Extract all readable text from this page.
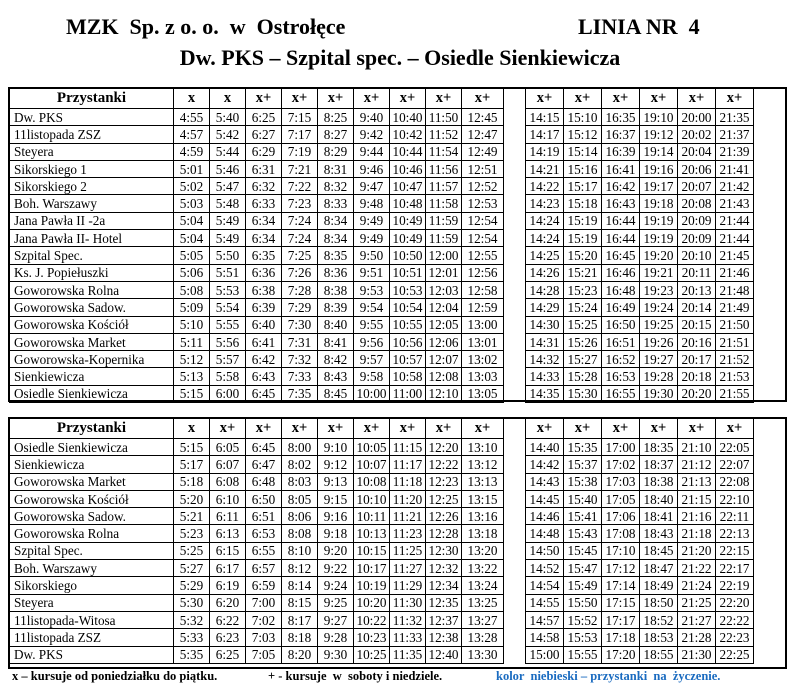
MZK  Sp. z o. o.  w  Ostrołęce	LINIA NR  4
Dw. PKS – Szpital spec. – Osiedle Sienkiewicza
Przystanki	x	x	x+	x+	x+	x+	x+	x+	x+		x+	x+	x+	x+	x+	x+
Dw. PKS	4:55	5:40	6:25	7:15	8:25	9:40	10:40	11:50	12:45		14:15	15:10	16:35	19:10	20:00	21:35
11listopada ZSZ	4:57	5:42	6:27	7:17	8:27	9:42	10:42	11:52	12:47		14:17	15:12	16:37	19:12	20:02	21:37
Steyera	4:59	5:44	6:29	7:19	8:29	9:44	10:44	11:54	12:49		14:19	15:14	16:39	19:14	20:04	21:39
Sikorskiego 1	5:01	5:46	6:31	7:21	8:31	9:46	10:46	11:56	12:51		14:21	15:16	16:41	19:16	20:06	21:41
Sikorskiego 2	5:02	5:47	6:32	7:22	8:32	9:47	10:47	11:57	12:52		14:22	15:17	16:42	19:17	20:07	21:42
Boh. Warszawy	5:03	5:48	6:33	7:23	8:33	9:48	10:48	11:58	12:53		14:23	15:18	16:43	19:18	20:08	21:43
Jana Pawła II -2a	5:04	5:49	6:34	7:24	8:34	9:49	10:49	11:59	12:54		14:24	15:19	16:44	19:19	20:09	21:44
Jana Pawła II- Hotel	5:04	5:49	6:34	7:24	8:34	9:49	10:49	11:59	12:54		14:24	15:19	16:44	19:19	20:09	21:44
Szpital Spec.	5:05	5:50	6:35	7:25	8:35	9:50	10:50	12:00	12:55		14:25	15:20	16:45	19:20	20:10	21:45
Ks. J. Popiełuszki	5:06	5:51	6:36	7:26	8:36	9:51	10:51	12:01	12:56		14:26	15:21	16:46	19:21	20:11	21:46
Goworowska Rolna	5:08	5:53	6:38	7:28	8:38	9:53	10:53	12:03	12:58		14:28	15:23	16:48	19:23	20:13	21:48
Goworowska Sadow.	5:09	5:54	6:39	7:29	8:39	9:54	10:54	12:04	12:59		14:29	15:24	16:49	19:24	20:14	21:49
Goworowska Kościół	5:10	5:55	6:40	7:30	8:40	9:55	10:55	12:05	13:00		14:30	15:25	16:50	19:25	20:15	21:50
Goworowska Market	5:11	5:56	6:41	7:31	8:41	9:56	10:56	12:06	13:01		14:31	15:26	16:51	19:26	20:16	21:51
Goworowska-Kopernika	5:12	5:57	6:42	7:32	8:42	9:57	10:57	12:07	13:02		14:32	15:27	16:52	19:27	20:17	21:52
Sienkiewicza	5:13	5:58	6:43	7:33	8:43	9:58	10:58	12:08	13:03		14:33	15:28	16:53	19:28	20:18	21:53
Osiedle Sienkiewicza	5:15	6:00	6:45	7:35	8:45	10:00	11:00	12:10	13:05		14:35	15:30	16:55	19:30	20:20	21:55
Przystanki	x	x+	x+	x+	x+	x+	x+	x+	x+		x+	x+	x+	x+	x+	x+
Osiedle Sienkiewicza	5:15	6:05	6:45	8:00	9:10	10:05	11:15	12:20	13:10		14:40	15:35	17:00	18:35	21:10	22:05
Sienkiewicza	5:17	6:07	6:47	8:02	9:12	10:07	11:17	12:22	13:12		14:42	15:37	17:02	18:37	21:12	22:07
Goworowska Market	5:18	6:08	6:48	8:03	9:13	10:08	11:18	12:23	13:13		14:43	15:38	17:03	18:38	21:13	22:08
Goworowska Kościół	5:20	6:10	6:50	8:05	9:15	10:10	11:20	12:25	13:15		14:45	15:40	17:05	18:40	21:15	22:10
Goworowska Sadow.	5:21	6:11	6:51	8:06	9:16	10:11	11:21	12:26	13:16		14:46	15:41	17:06	18:41	21:16	22:11
Goworowska Rolna	5:23	6:13	6:53	8:08	9:18	10:13	11:23	12:28	13:18		14:48	15:43	17:08	18:43	21:18	22:13
Szpital Spec.	5:25	6:15	6:55	8:10	9:20	10:15	11:25	12:30	13:20		14:50	15:45	17:10	18:45	21:20	22:15
Boh. Warszawy	5:27	6:17	6:57	8:12	9:22	10:17	11:27	12:32	13:22		14:52	15:47	17:12	18:47	21:22	22:17
Sikorskiego	5:29	6:19	6:59	8:14	9:24	10:19	11:29	12:34	13:24		14:54	15:49	17:14	18:49	21:24	22:19
Steyera	5:30	6:20	7:00	8:15	9:25	10:20	11:30	12:35	13:25		14:55	15:50	17:15	18:50	21:25	22:20
11listopada-Witosa	5:32	6:22	7:02	8:17	9:27	10:22	11:32	12:37	13:27		14:57	15:52	17:17	18:52	21:27	22:22
11listopada ZSZ	5:33	6:23	7:03	8:18	9:28	10:23	11:33	12:38	13:28		14:58	15:53	17:18	18:53	21:28	22:23
Dw. PKS	5:35	6:25	7:05	8:20	9:30	10:25	11:35	12:40	13:30		15:00	15:55	17:20	18:55	21:30	22:25
x – kursuje od poniedziałku do piątku.	+ - kursuje  w  soboty i niedziele.	kolor  niebieski – przystanki  na  życzenie.
